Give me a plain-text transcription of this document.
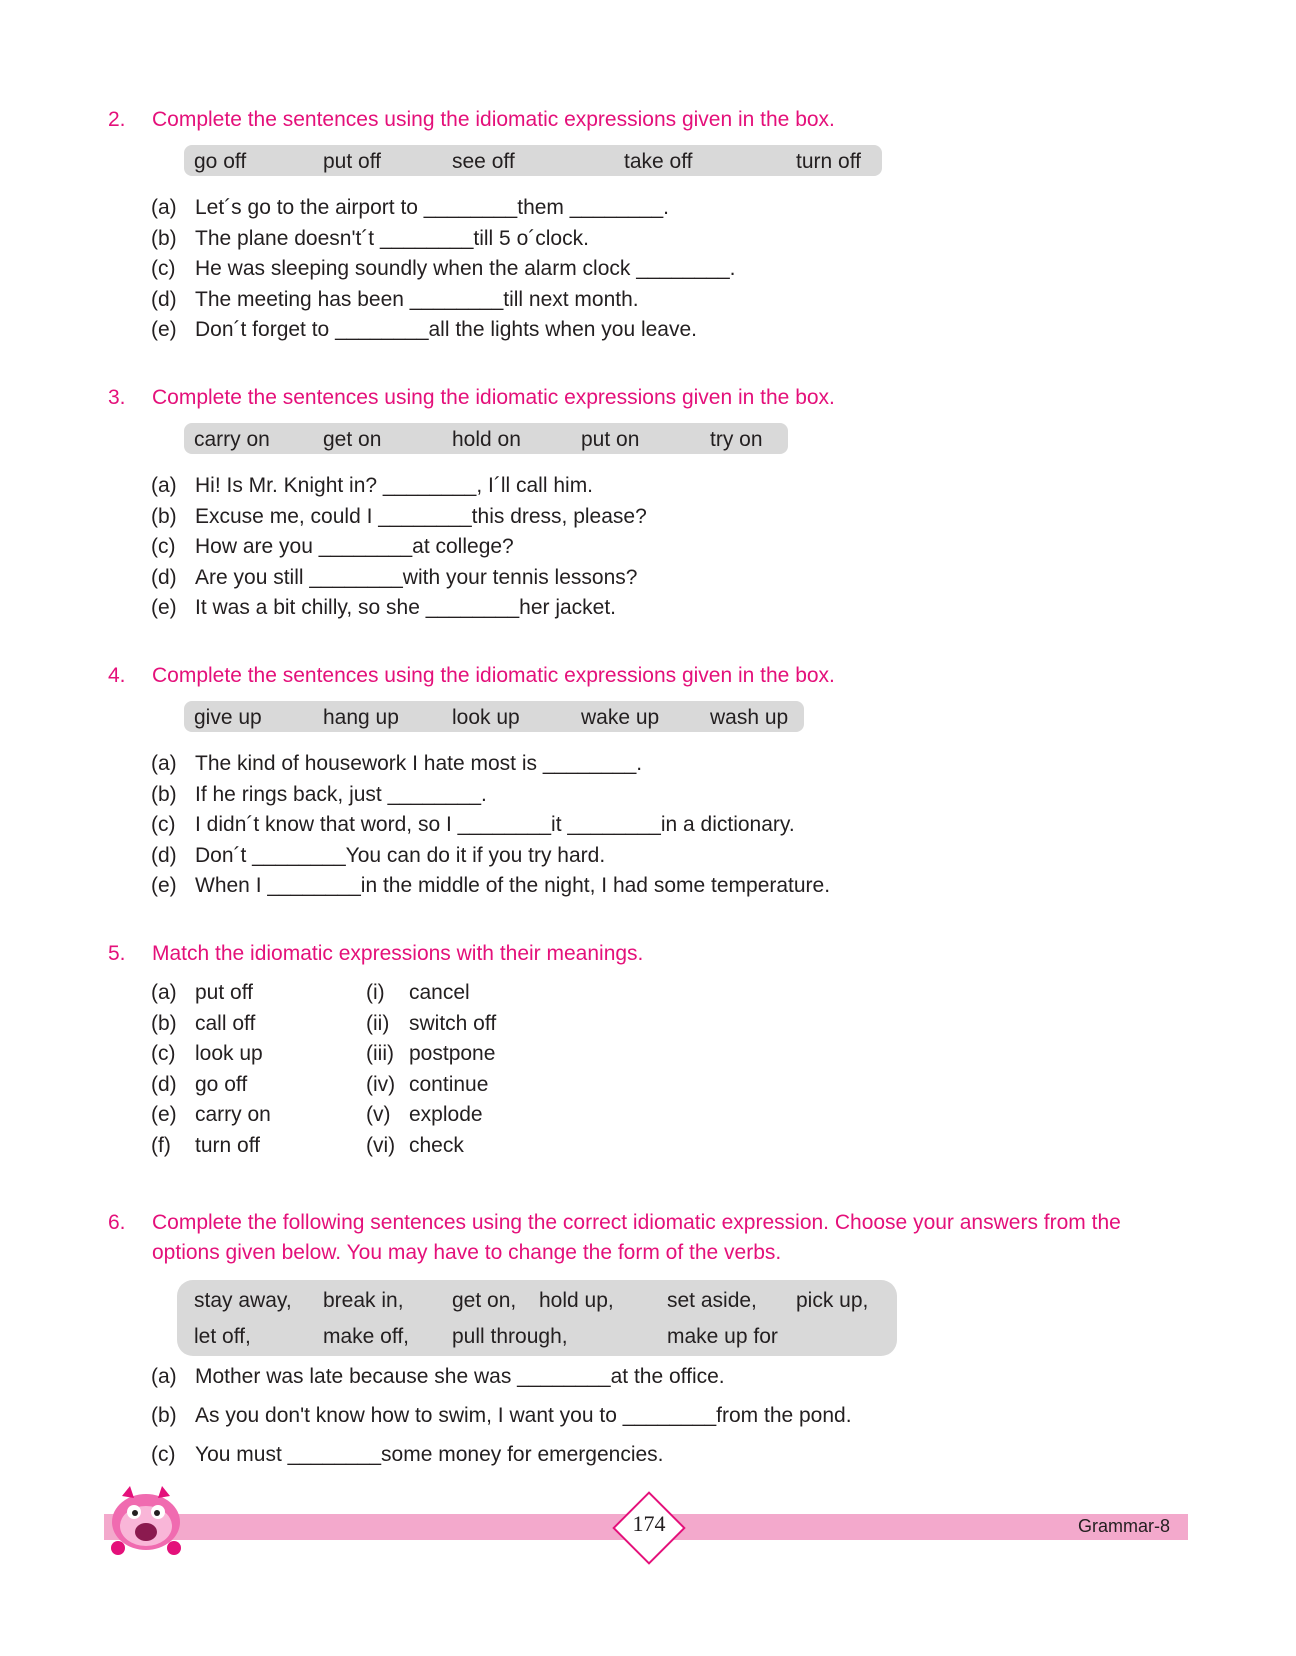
2. Complete the sentences using the idiomatic expressions given in the box.
go off	put off	see off	take off	turn off
(a) Let´s go to the airport to ________them ________.
(b) The plane doesn't´t ________till 5 o´clock.
(c) He was sleeping soundly when the alarm clock ________.
(d) The meeting has been ________till next month.
(e) Don´t forget to ________all the lights when you leave.
3. Complete the sentences using the idiomatic expressions given in the box.
carry on	get on	hold on	put on	try on
(a) Hi! Is Mr. Knight in? ________, I´ll call him.
(b) Excuse me, could I ________this dress, please?
(c) How are you ________at college?
(d) Are you still ________with your tennis lessons?
(e) It was a bit chilly, so she ________her jacket.
4. Complete the sentences using the idiomatic expressions given in the box.
give up	hang up	look up	wake up wash up
(a) The kind of housework I hate most is ________.
(b) If he rings back, just ________.
(c) I didn´t know that word, so I ________it ________in a dictionary.
(d) Don´t ________You can do it if you try hard.
(e) When I ________in the middle of the night, I had some temperature.
5. Match the idiomatic expressions with their meanings.
(a) put off	(i) cancel
(b) call off	(ii) switch off
(c) look up	(iii) postpone
(d) go off	(iv) continue
(e) carry on	(v) explode
(f) turn off	(vi) check
6. Complete the following sentences using the correct idiomatic expression. Choose your answers from the
options given below. You may have to change the form of the verbs.
stay away, break in, get on, hold up,	set aside, pick up,
let off,	make off, pull through,	make up for
(a) Mother was late because she was ________at the office.
(b) As you don't know how to swim, I want you to ________from the pond.
(c) You must ________some money for emergencies.
174	Grammar-8
